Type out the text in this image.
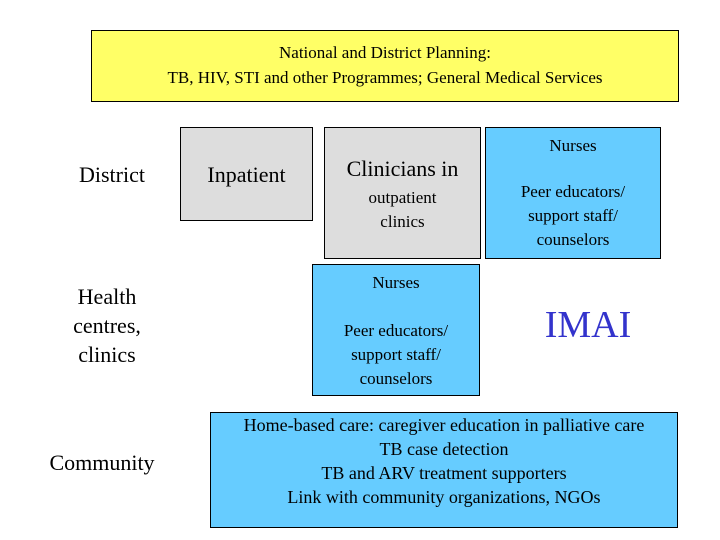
National and District Planning:
TB, HIV, STI and other Programmes; General Medical Services
District	Inpatient	Clinicians in
outpatient
clinics
Nurses
Peer educators/
support staff/
counselors
Health
centres,
clinics
Nurses
Peer educators/
support staff/
counselors
IMAI
Community
Home-based care: caregiver education in palliative care
TB case detection
TB and ARV treatment supporters
Link with community organizations, NGOs
